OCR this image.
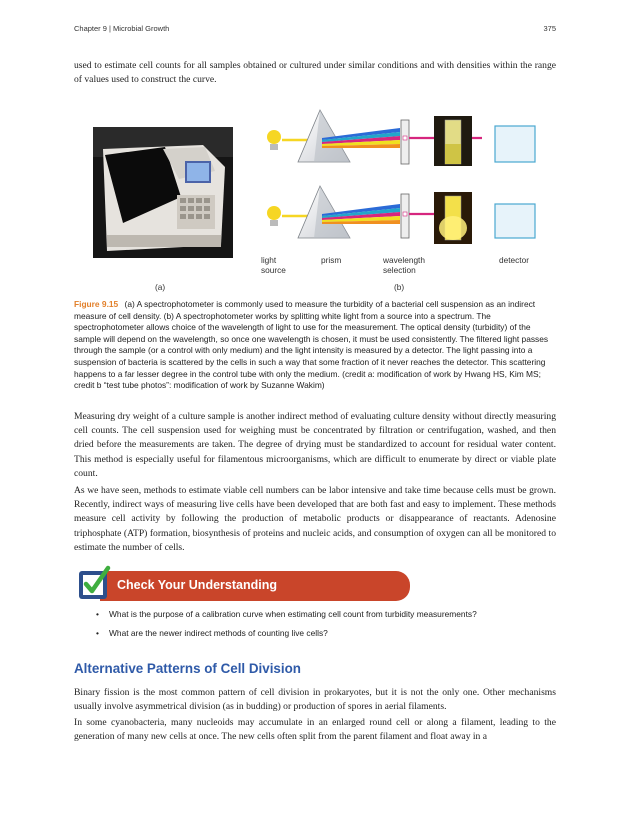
Chapter 9 | Microbial Growth	375

used to estimate cell counts for all samples obtained or cultured under similar conditions and with densities within the range of values used to construct the curve.

light source
prism	wavelength selection
detector
(a)	(b)
Figure 9.15 (a) A spectrophotometer is commonly used to measure the turbidity of a bacterial cell suspension as an indirect measure of cell density. (b) A spectrophotometer works by splitting white light from a source into a spectrum. The spectrophotometer allows choice of the wavelength of light to use for the measurement. The optical density (turbidity) of the sample will depend on the wavelength, so once one wavelength is chosen, it must be used consistently. The filtered light passes through the sample (or a control with only medium) and the light intensity is measured by a detector. The light passing into a suspension of bacteria is scattered by the cells in such a way that some fraction of it never reaches the detector. This scattering happens to a far lesser degree in the control tube with only the medium. (credit a: modification of work by Hwang HS, Kim MS; credit b “test tube photos”: modification of work by Suzanne Wakim)

Measuring dry weight of a culture sample is another indirect method of evaluating culture density without directly measuring cell counts. The cell suspension used for weighing must be concentrated by filtration or centrifugation, washed, and then dried before the measurements are taken. The degree of drying must be standardized to account for residual water content. This method is especially useful for filamentous microorganisms, which are difficult to enumerate by direct or viable plate count.

As we have seen, methods to estimate viable cell numbers can be labor intensive and take time because cells must be grown. Recently, indirect ways of measuring live cells have been developed that are both fast and easy to implement. These methods measure cell activity by following the production of metabolic products or disappearance of reactants. Adenosine triphosphate (ATP) formation, biosynthesis of proteins and nucleic acids, and consumption of oxygen can all be monitored to estimate the number of cells.

Check Your Understanding
• What is the purpose of a calibration curve when estimating cell count from turbidity measurements?
• What are the newer indirect methods of counting live cells?
Alternative Patterns of Cell Division

Binary fission is the most common pattern of cell division in prokaryotes, but it is not the only one. Other mechanisms usually involve asymmetrical division (as in budding) or production of spores in aerial filaments.

In some cyanobacteria, many nucleoids may accumulate in an enlarged round cell or along a filament, leading to the generation of many new cells at once. The new cells often split from the parent filament and float away in a
